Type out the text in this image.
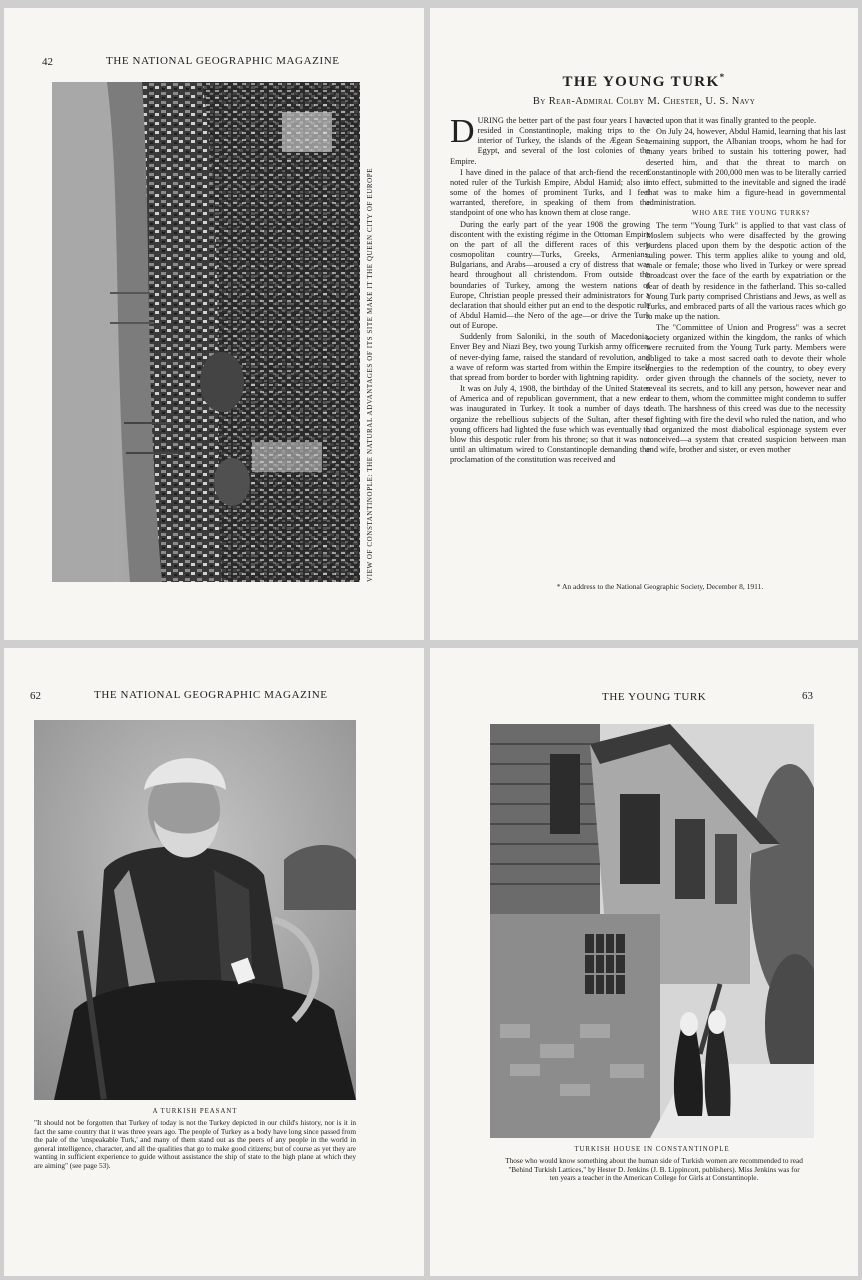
42	THE NATIONAL GEOGRAPHIC MAGAZINE
VIEW OF CONSTANTINOPLE: THE NATURAL ADVANTAGES OF ITS SITE MAKE IT THE QUEEN CITY OF EUROPE
THE YOUNG TURK*
By Rear-Admiral Colby M. Chester, U. S. Navy

DURING the better part of the past four years I have resided in Constantinople, making trips to the interior of Turkey, the islands of the Ægean Sea, Egypt, and several of the lost colonies of the Empire.

I have dined in the palace of that arch-fiend the recent noted ruler of the Turkish Empire, Abdul Hamid; also in some of the homes of prominent Turks, and I feel warranted, therefore, in speaking of them from the standpoint of one who has known them at close range.

During the early part of the year 1908 the growing discontent with the existing régime in the Ottoman Empire on the part of all the different races of this very cosmopolitan country—Turks, Greeks, Armenians, Bulgarians, and Arabs—aroused a cry of distress that was heard throughout all christendom. From outside the boundaries of Turkey, among the western nations of Europe, Christian people pressed their administrators for a declaration that should either put an end to the despotic rule of Abdul Hamid—the Nero of the age—or drive the Turk out of Europe.

Suddenly from Saloniki, in the south of Macedonia, Enver Bey and Niazi Bey, two young Turkish army officers of never-dying fame, raised the standard of revolution, and a wave of reform was started from within the Empire itself that spread from border to border with lightning rapidity.

It was on July 4, 1908, the birthday of the United States of America and of republican government, that a new era was inaugurated in Turkey. It took a number of days to organize the rebellious subjects of the Sultan, after these young officers had lighted the fuse which was eventually to blow this despotic ruler from his throne; so that it was not until an ultimatum wired to Constantinople demanding the proclamation of the constitution was received and

acted upon that it was finally granted to the people.

On July 24, however, Abdul Hamid, learning that his last remaining support, the Albanian troops, whom he had for many years bribed to sustain his tottering power, had deserted him, and that the threat to march on Constantinople with 200,000 men was to be literally carried into effect, submitted to the inevitable and signed the iradé that was to make him a figure-head in governmental administration.

WHO ARE THE YOUNG TURKS?

The term "Young Turk" is applied to that vast class of Moslem subjects who were disaffected by the growing burdens placed upon them by the despotic action of the ruling power. This term applies alike to young and old, male or female; those who lived in Turkey or were spread broadcast over the face of the earth by expatriation or the fear of death by residence in the fatherland. This so-called Young Turk party comprised Christians and Jews, as well as Turks, and embraced parts of all the various races which go to make up the nation.

The "Committee of Union and Progress" was a secret society organized within the kingdom, the ranks of which were recruited from the Young Turk party. Members were obliged to take a most sacred oath to devote their whole energies to the redemption of the country, to obey every order given through the channels of the society, never to reveal its secrets, and to kill any person, however near and dear to them, whom the committee might condemn to suffer death. The harshness of this creed was due to the necessity of fighting with fire the devil who ruled the nation, and who had organized the most diabolical espionage system ever conceived—a system that created suspicion between man and wife, brother and sister, or even mother

* An address to the National Geographic Society, December 8, 1911.
62	THE NATIONAL GEOGRAPHIC MAGAZINE
A TURKISH PEASANT
"It should not be forgotten that Turkey of today is not the Turkey depicted in our child's history, nor is it in fact the same country that it was three years ago. The people of Turkey as a body have long since passed from the pale of the 'unspeakable Turk,' and many of them stand out as the peers of any people in the world in general intelligence, character, and all the qualities that go to make good citizens; but of course as yet they are wanting in sufficient experience to guide without assistance the ship of state to the high plane at which they are aiming" (see page 53).
THE YOUNG TURK	63
TURKISH HOUSE IN CONSTANTINOPLE
Those who would know something about the human side of Turkish women are recommended to read "Behind Turkish Lattices," by Hester D. Jenkins (J. B. Lippincott, publishers). Miss Jenkins was for ten years a teacher in the American College for Girls at Constantinople.
